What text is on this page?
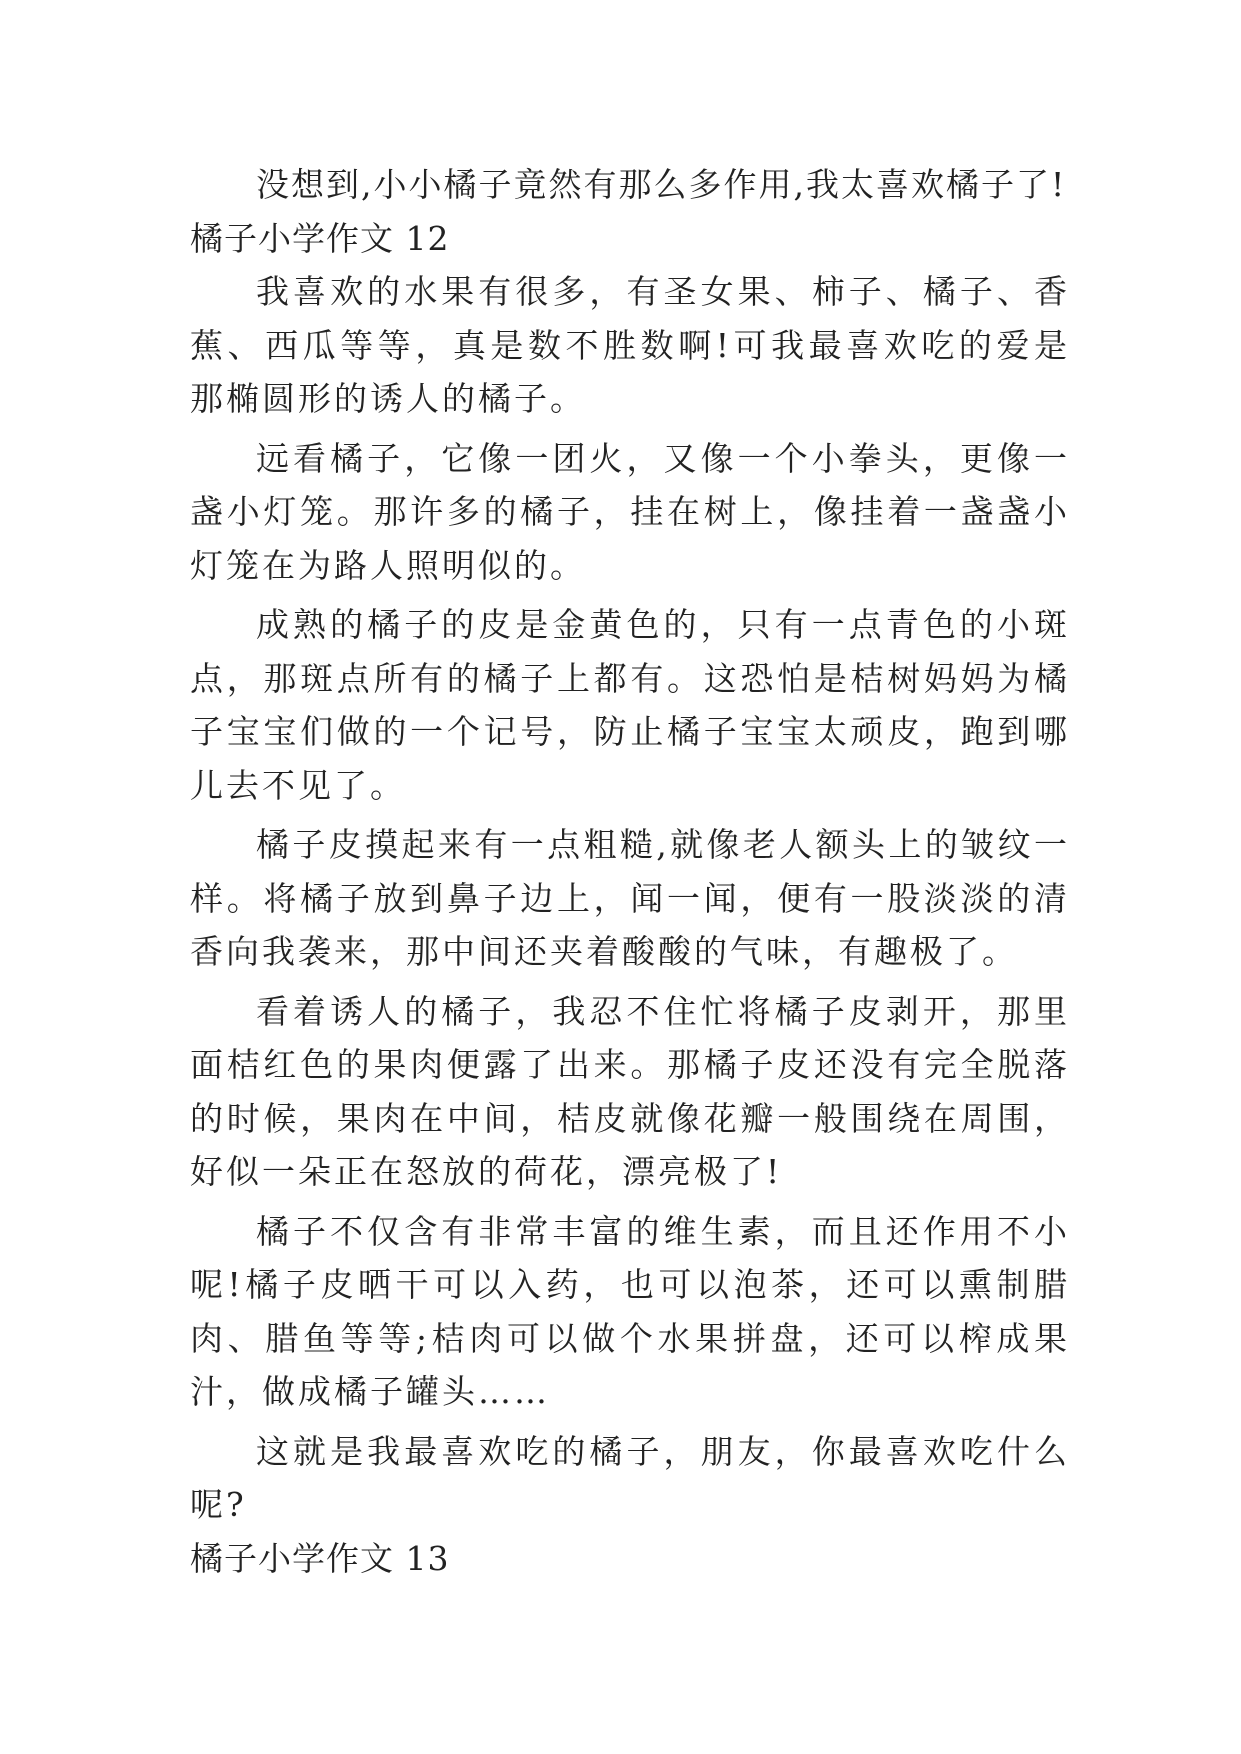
没想到,小小橘子竟然有那么多作用,我太喜欢橘子了!

橘子小学作文 12

我喜欢的水果有很多，有圣女果、柿子、橘子、香蕉、西瓜等等，真是数不胜数啊!可我最喜欢吃的爱是那椭圆形的诱人的橘子。

远看橘子，它像一团火，又像一个小拳头，更像一盏小灯笼。那许多的橘子，挂在树上，像挂着一盏盏小灯笼在为路人照明似的。

成熟的橘子的皮是金黄色的，只有一点青色的小斑点，那斑点所有的橘子上都有。这恐怕是桔树妈妈为橘子宝宝们做的一个记号，防止橘子宝宝太顽皮，跑到哪儿去不见了。

橘子皮摸起来有一点粗糙,就像老人额头上的皱纹一样。将橘子放到鼻子边上，闻一闻，便有一股淡淡的清香向我袭来，那中间还夹着酸酸的气味，有趣极了。

看着诱人的橘子，我忍不住忙将橘子皮剥开，那里面桔红色的果肉便露了出来。那橘子皮还没有完全脱落的时候，果肉在中间，桔皮就像花瓣一般围绕在周围，好似一朵正在怒放的荷花，漂亮极了!

橘子不仅含有非常丰富的维生素，而且还作用不小呢!橘子皮晒干可以入药，也可以泡茶，还可以熏制腊肉、腊鱼等等;桔肉可以做个水果拼盘，还可以榨成果汁，做成橘子罐头……

这就是我最喜欢吃的橘子，朋友，你最喜欢吃什么呢?

橘子小学作文 13
